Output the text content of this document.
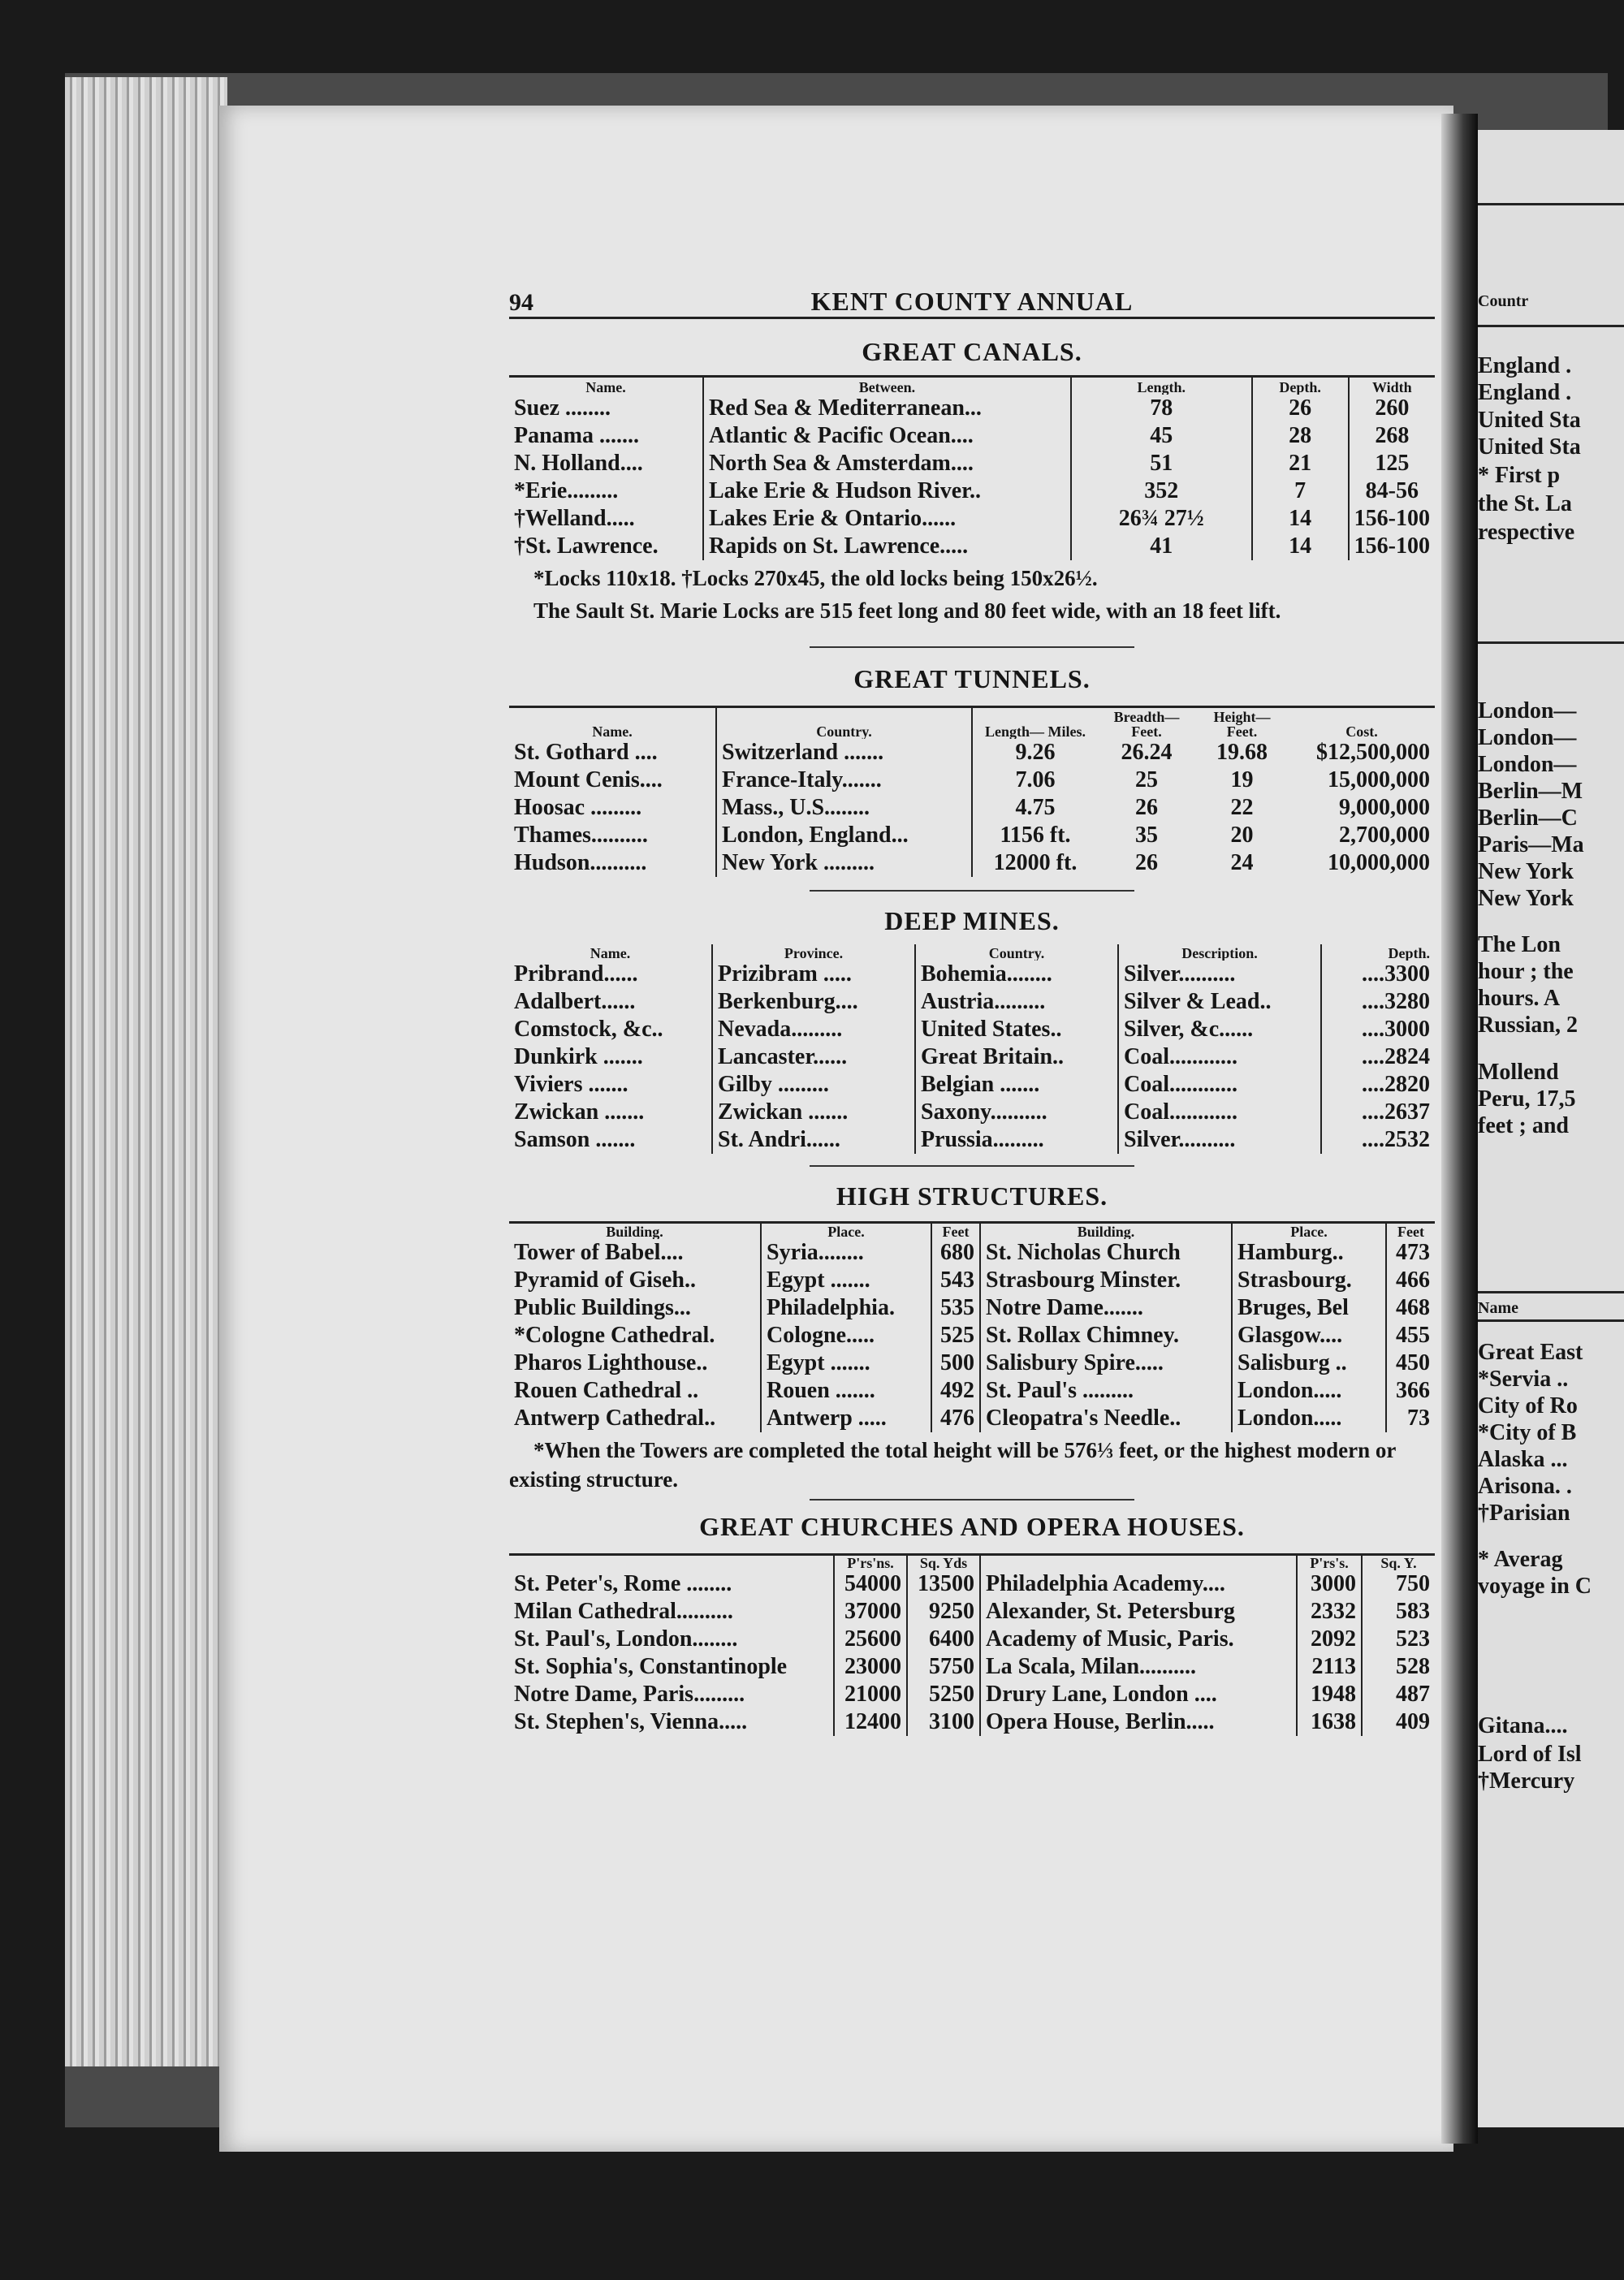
Countr
England .
England .
United Sta
United Sta
* First p
the St. La
respective
London—
London—
London—
Berlin—M
Berlin—C
Paris—Ma
New York
New York
The Lon
hour ; the
hours. A
Russian, 2
Mollend
Peru, 17,5
feet ; and
Name
Great East
*Servia ..
City of Ro
*City of B
Alaska ...
Arisona. .
†Parisian
* Averag
voyage in C
Gitana....
Lord of Isl
†Mercury
94	KENT COUNTY ANNUAL
GREAT CANALS.
Name.	Between.	Length.	Depth.	Width
Suez ........	Red Sea & Mediterranean...	78	26	260
Panama .......	Atlantic & Pacific Ocean....	45	28	268
N. Holland....	North Sea & Amsterdam....	51	21	125
*Erie.........	Lake Erie & Hudson River..	352	7	84-56
†Welland.....	Lakes Erie & Ontario......	26¾ 27½	14	156-100
†St. Lawrence.	Rapids on St. Lawrence.....	41	14	156-100
*Locks 110x18. †Locks 270x45, the old locks being 150x26½.
The Sault St. Marie Locks are 515 feet long and 80 feet wide, with an 18 feet lift.
GREAT TUNNELS.
Name.	Country.	Length— Miles.	Breadth— Feet.	Height— Feet.	Cost.
St. Gothard ....	Switzerland .......	9.26	26.24	19.68	$12,500,000
Mount Cenis....	France-Italy.......	7.06	25	19	15,000,000
Hoosac .........	Mass., U.S........	4.75	26	22	9,000,000
Thames..........	London, England...	1156 ft.	35	20	2,700,000
Hudson..........	New York .........	12000 ft.	26	24	10,000,000
DEEP MINES.
Name.	Province.	Country.	Description.	Depth.
Pribrand......	Prizibram .....	Bohemia........	Silver..........	....3300
Adalbert......	Berkenburg....	Austria.........	Silver & Lead..	....3280
Comstock, &c..	Nevada.........	United States..	Silver, &c......	....3000
Dunkirk .......	Lancaster......	Great Britain..	Coal............	....2824
Viviers .......	Gilby .........	Belgian .......	Coal............	....2820
Zwickan .......	Zwickan .......	Saxony..........	Coal............	....2637
Samson .......	St. Andri......	Prussia.........	Silver..........	....2532
HIGH STRUCTURES.
Building.	Place.	Feet	Building.	Place.	Feet
Tower of Babel....	Syria........	680	St. Nicholas Church	Hamburg..	473
Pyramid of Giseh..	Egypt .......	543	Strasbourg Minster.	Strasbourg.	466
Public Buildings...	Philadelphia.	535	Notre Dame.......	Bruges, Bel	468
*Cologne Cathedral.	Cologne.....	525	St. Rollax Chimney.	Glasgow....	455
Pharos Lighthouse..	Egypt .......	500	Salisbury Spire.....	Salisburg ..	450
Rouen Cathedral ..	Rouen .......	492	St. Paul's .........	London.....	366
Antwerp Cathedral..	Antwerp .....	476	Cleopatra's Needle..	London.....	73
*When the Towers are completed the total height will be 576⅓ feet, or the highest modern or existing structure.
GREAT CHURCHES AND OPERA HOUSES.
	P'rs'ns.	Sq. Yds		P'rs's.	Sq. Y.
St. Peter's, Rome ........	54000	13500	Philadelphia Academy....	3000	750
Milan Cathedral..........	37000	9250	Alexander, St. Petersburg	2332	583
St. Paul's, London........	25600	6400	Academy of Music, Paris.	2092	523
St. Sophia's, Constantinople	23000	5750	La Scala, Milan..........	2113	528
Notre Dame, Paris.........	21000	5250	Drury Lane, London ....	1948	487
St. Stephen's, Vienna.....	12400	3100	Opera House, Berlin.....	1638	409
